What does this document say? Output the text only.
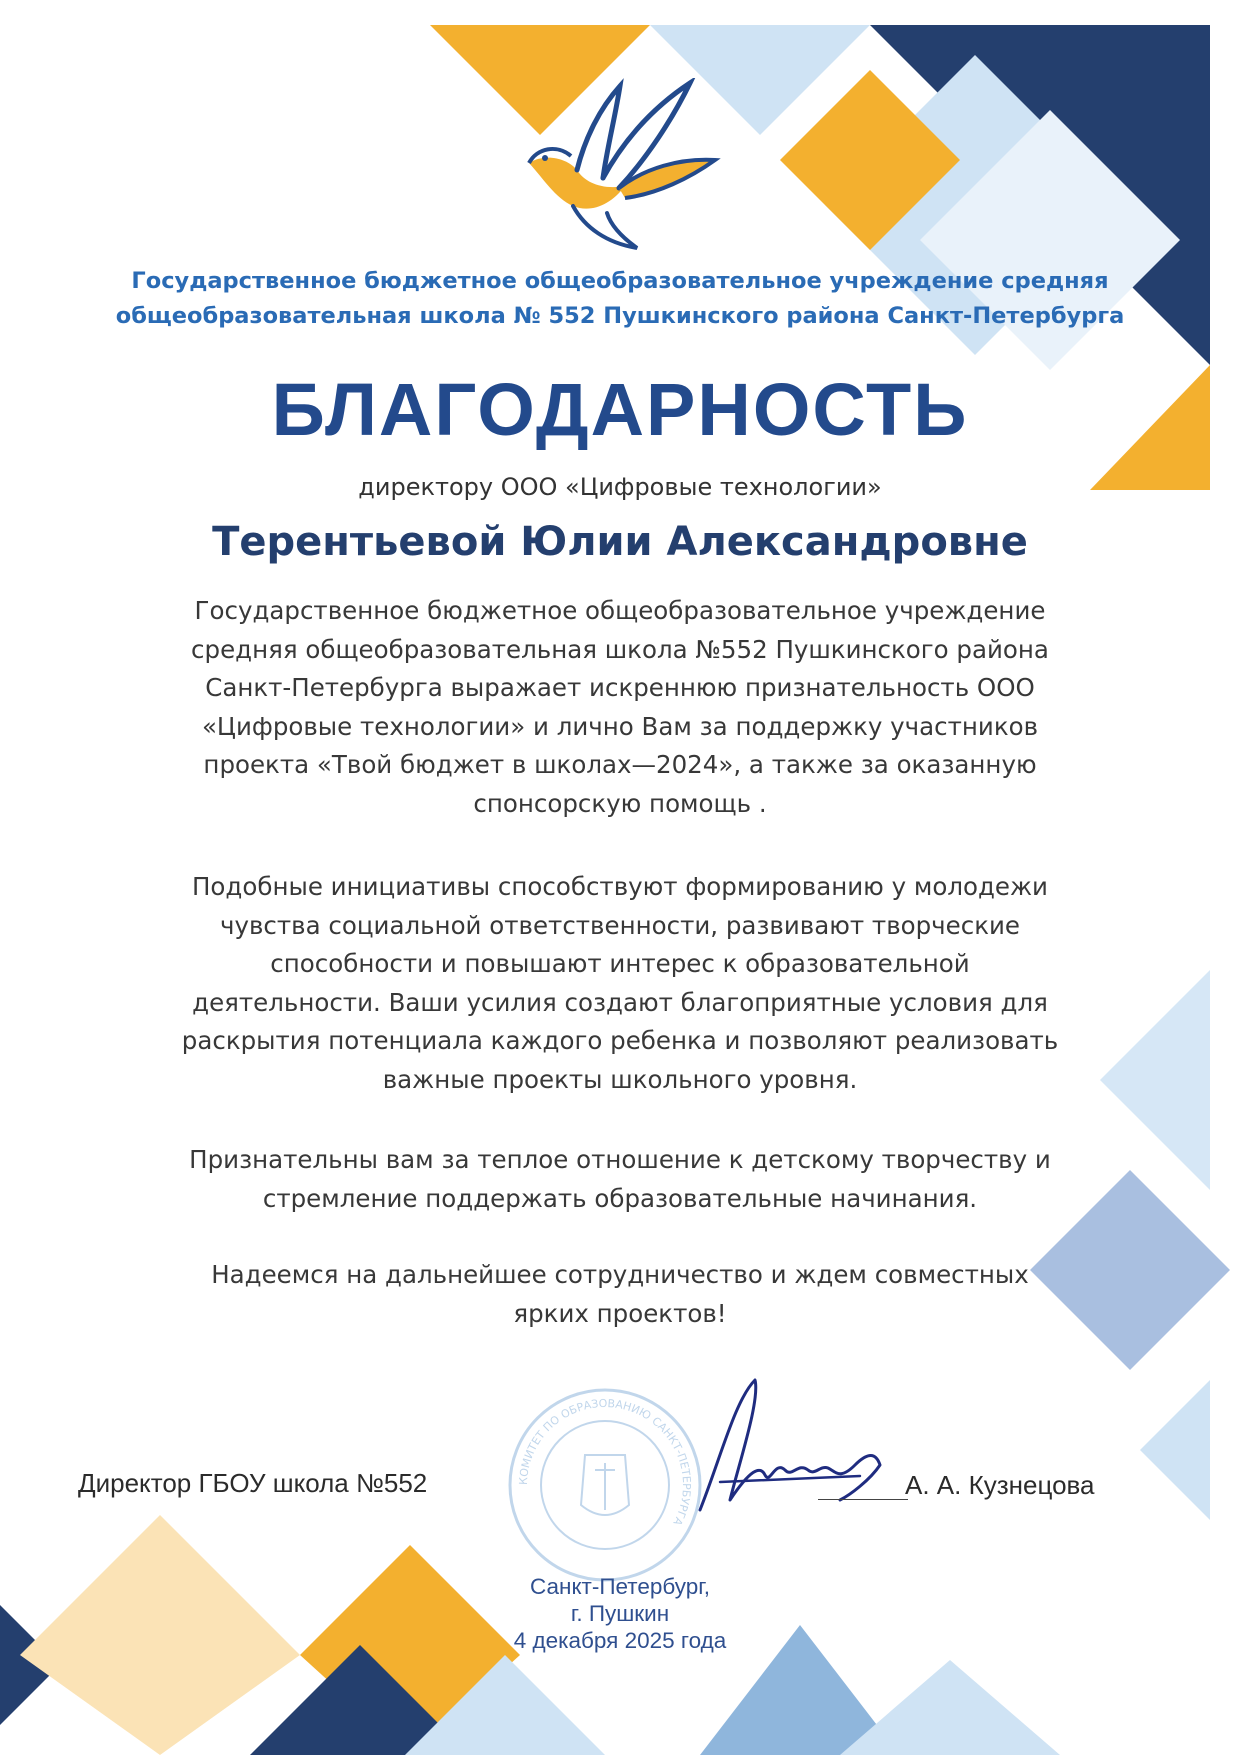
Государственное бюджетное общеобразовательное учреждение средняя
общеобразовательная школа № 552 Пушкинского района Санкт-Петербурга
БЛАГОДАРНОСТЬ
директору ООО «Цифровые технологии»
Терентьевой Юлии Александровне
Государственное бюджетное общеобразовательное учреждение
средняя общеобразовательная школа №552 Пушкинского района
Санкт-Петербурга выражает искреннюю признательность ООО
«Цифровые технологии» и лично Вам за поддержку участников
проекта «Твой бюджет в школах—2024», а также за оказанную
спонсорскую помощь .
Подобные инициативы способствуют формированию у молодежи
чувства социальной ответственности, развивают творческие
способности и повышают интерес к образовательной
деятельности. Ваши усилия создают благоприятные условия для
раскрытия потенциала каждого ребенка и позволяют реализовать
важные проекты школьного уровня.
Признательны вам за теплое отношение к детскому творчеству и
стремление поддержать образовательные начинания.
Надеемся на дальнейшее сотрудничество и ждем совместных
ярких проектов!
КОМИТЕТ ПО ОБРАЗОВАНИЮ САНКТ-ПЕТЕРБУРГА
Директор ГБОУ школа №552	А. А. Кузнецова
Санкт-Петербург,
г. Пушкин
4 декабря 2025 года
